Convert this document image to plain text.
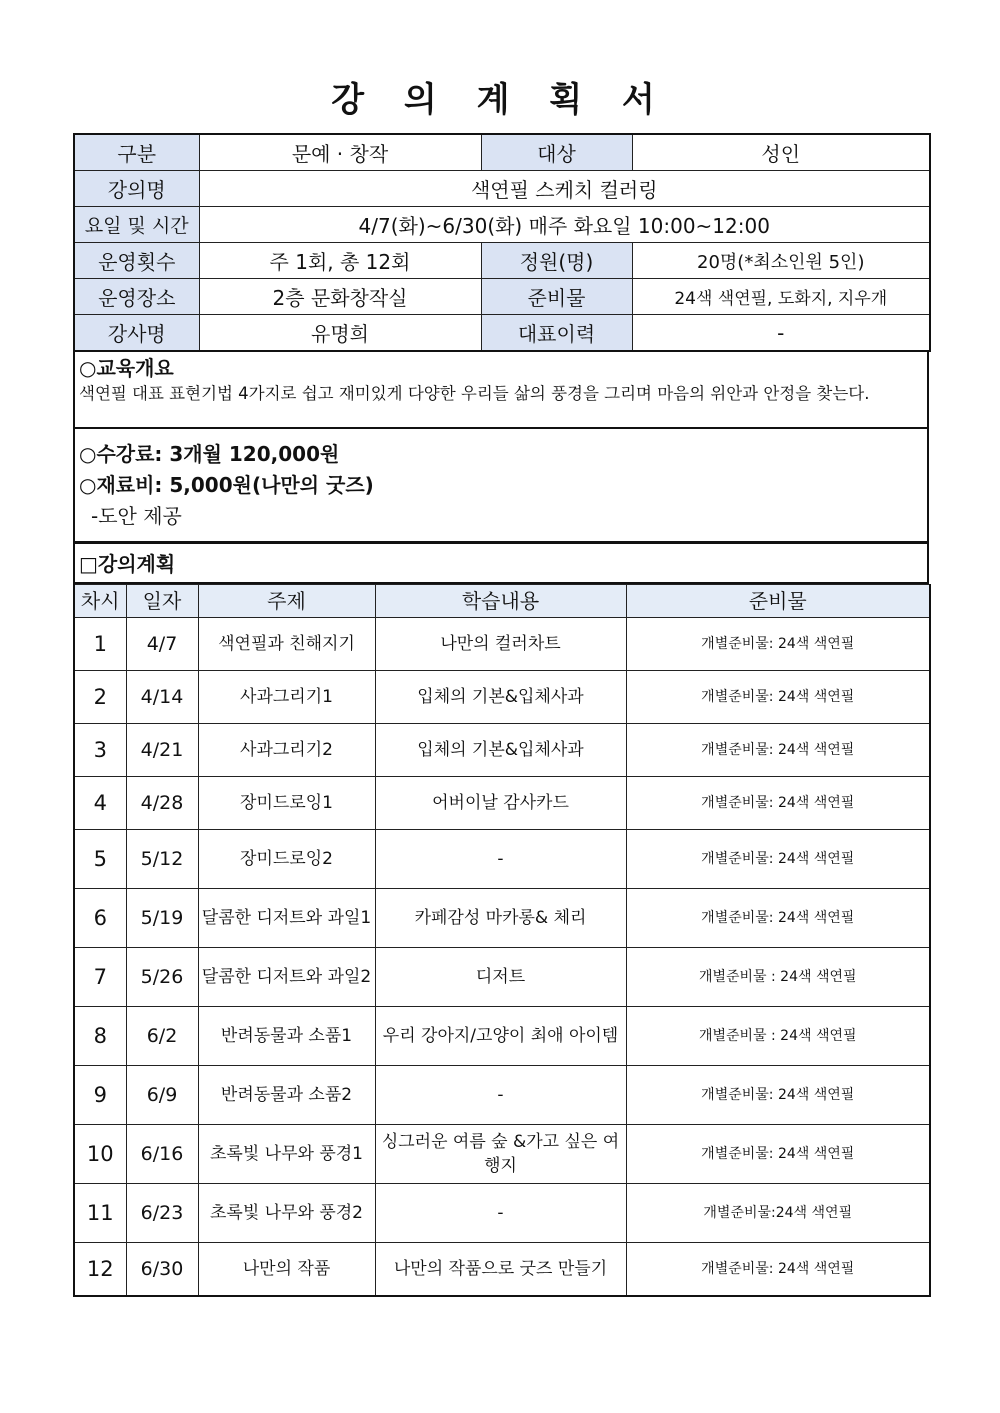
강 의 계 획 서
구분	문예 · 창작	대상	성인
강의명	색연필 스케치 컬러링		
요일 및 시간	4/7(화)~6/30(화) 매주 화요일 10:00~12:00		
운영횟수	주 1회, 총 12회	정원(명)	20명(*최소인원 5인)
운영장소	2층 문화창작실	준비물	24색 색연필, 도화지, 지우개
강사명	유명희	대표이력	-
○교육개요
색연필 대표 표현기법 4가지로 쉽고 재미있게 다양한 우리들 삶의 풍경을 그리며 마음의 위안과 안정을 찾는다.
○수강료: 3개월 120,000원
○재료비: 5,000원(나만의 굿즈)
-도안 제공
□강의계획
차시	일자	주제	학습내용	준비물
1	4/7	색연필과 친해지기	나만의 컬러차트	개별준비물: 24색 색연필
2	4/14	사과그리기1	입체의 기본&입체사과	개별준비물: 24색 색연필
3	4/21	사과그리기2	입체의 기본&입체사과	개별준비물: 24색 색연필
4	4/28	장미드로잉1	어버이날 감사카드	개별준비물: 24색 색연필
5	5/12	장미드로잉2	-	개별준비물: 24색 색연필
6	5/19	달콤한 디저트와 과일1	카페감성 마카롱& 체리	개별준비물: 24색 색연필
7	5/26	달콤한 디저트와 과일2	디저트	개별준비물 : 24색 색연필
8	6/2	반려동물과 소품1	우리 강아지/고양이 최애 아이템	개별준비물 : 24색 색연필
9	6/9	반려동물과 소품2	-	개별준비물: 24색 색연필
10	6/16	초록빛 나무와 풍경1	싱그러운 여름 숲 &가고 싶은 여행지	개별준비물: 24색 색연필
11	6/23	초록빛 나무와 풍경2	-	개별준비물:24색 색연필
12	6/30	나만의 작품	나만의 작품으로 굿즈 만들기	개별준비물: 24색 색연필
